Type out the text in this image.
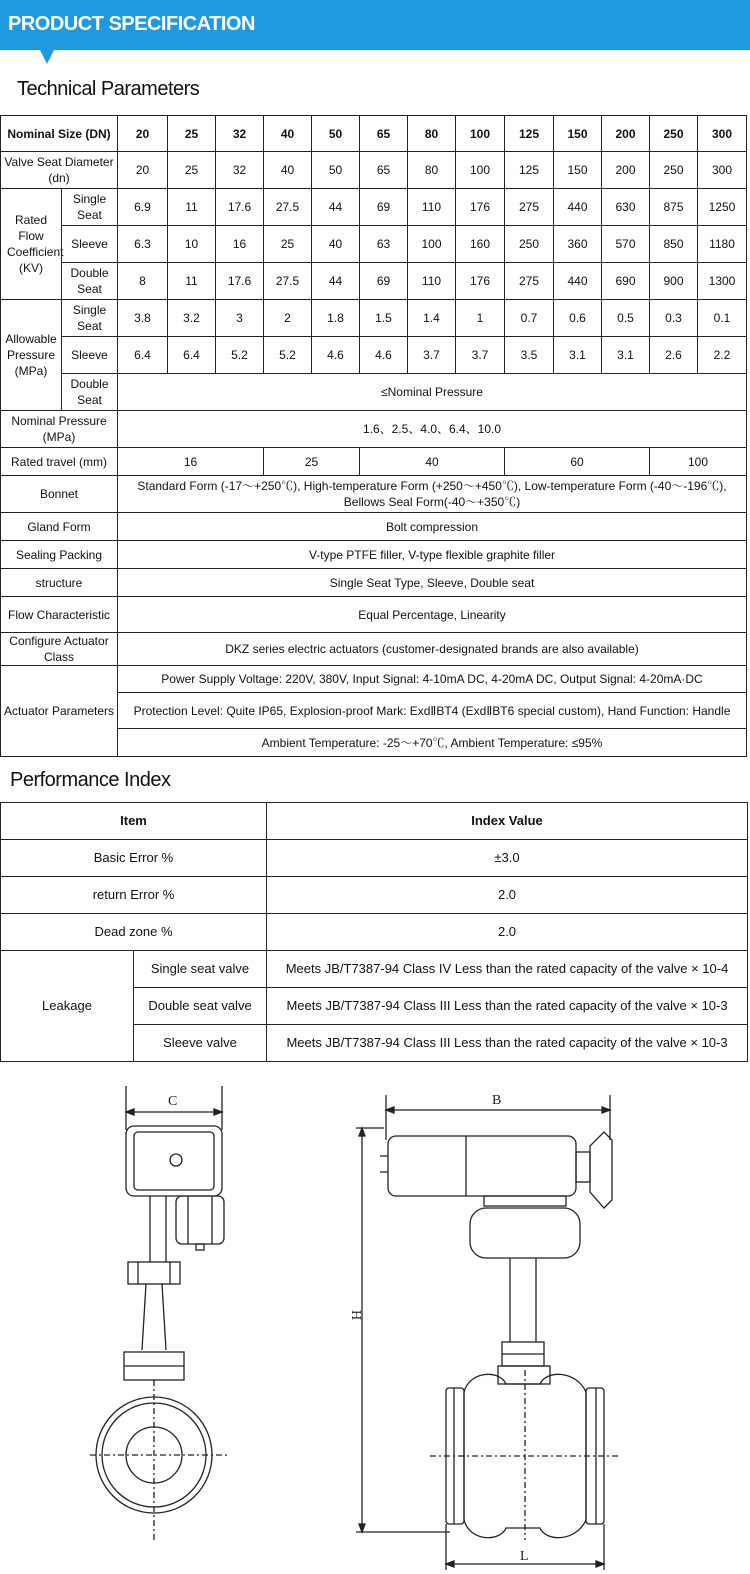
PRODUCT SPECIFICATION
Technical Parameters
Nominal Size (DN)		20	25	32	40	50	65	80	100	125	150	200	250	300
Valve Seat Diameter (dn)		20	25	32	40	50	65	80	100	125	150	200	250	300
Rated Flow Coefficient (KV)	Single Seat	6.9	11	17.6	27.5	44	69	110	176	275	440	630	875	1250
	Sleeve	6.3	10	16	25	40	63	100	160	250	360	570	850	1180
	Double Seat	8	11	17.6	27.5	44	69	110	176	275	440	690	900	1300
Allowable Pressure (MPa)	Single Seat	3.8	3.2	3	2	1.8	1.5	1.4	1	0.7	0.6	0.5	0.3	0.1
	Sleeve	6.4	6.4	5.2	5.2	4.6	4.6	3.7	3.7	3.5	3.1	3.1	2.6	2.2
	Double Seat	≤Nominal Pressure												
Nominal Pressure (MPa)		1.6、2.5、4.0、6.4、10.0												
Rated travel (mm)		16			25		40			60			100	
Bonnet		Standard Form (-17～+250℃), High-temperature Form (+250～+450℃), Low-temperature Form (-40～-196℃), Bellows Seal Form(-40～+350℃)												
Gland Form		Bolt compression												
Sealing Packing		V-type PTFE filler, V-type flexible graphite filler												
structure		Single Seat Type, Sleeve, Double seat												
Flow Characteristic		Equal Percentage, Linearity												
Configure Actuator Class		DKZ series electric actuators (customer-designated brands are also available)												
Actuator Parameters		Power Supply Voltage: 220V, 380V, Input Signal: 4-10mA DC, 4-20mA DC, Output Signal: 4-20mA·DC												
		Protection Level: Quite IP65, Explosion-proof Mark: ExdⅡBT4 (ExdⅡBT6 special custom), Hand Function: Handle												
		Ambient Temperature: -25～+70℃, Ambient Temperature: ≤95%												
Performance Index
Item		Index Value
Basic Error %		±3.0
return Error %		2.0
Dead zone %		2.0
Leakage	Single seat valve	Meets JB/T7387-94 Class IV Less than the rated capacity of the valve × 10-4
	Double seat valve	Meets JB/T7387-94 Class III Less than the rated capacity of the valve × 10-3
	Sleeve valve	Meets JB/T7387-94 Class III Less than the rated capacity of the valve × 10-3
C	B
H
L
